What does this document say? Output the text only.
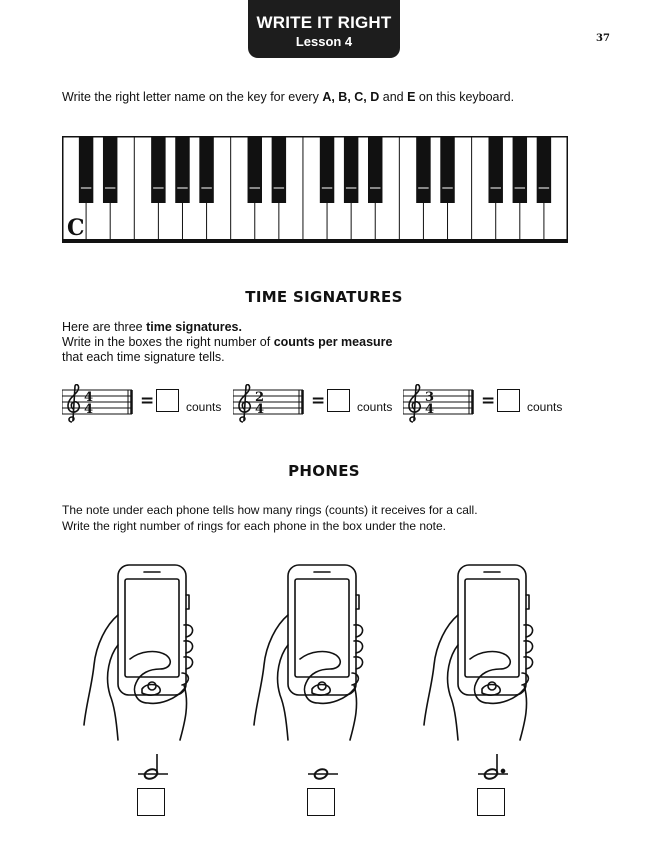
WRITE IT RIGHT
Lesson 4	37
Write the right letter name on the key for every A, B, C, D and E on this keyboard.
C
TIME SIGNATURES
Here are three time signatures.
Write in the boxes the right number of counts per measure
that each time signature tells.
4
4	=	counts
2
4	=	counts
3
4	=	counts
PHONES
The note under each phone tells how many rings (counts) it receives for a call.
Write the right number of rings for each phone in the box under the note.
